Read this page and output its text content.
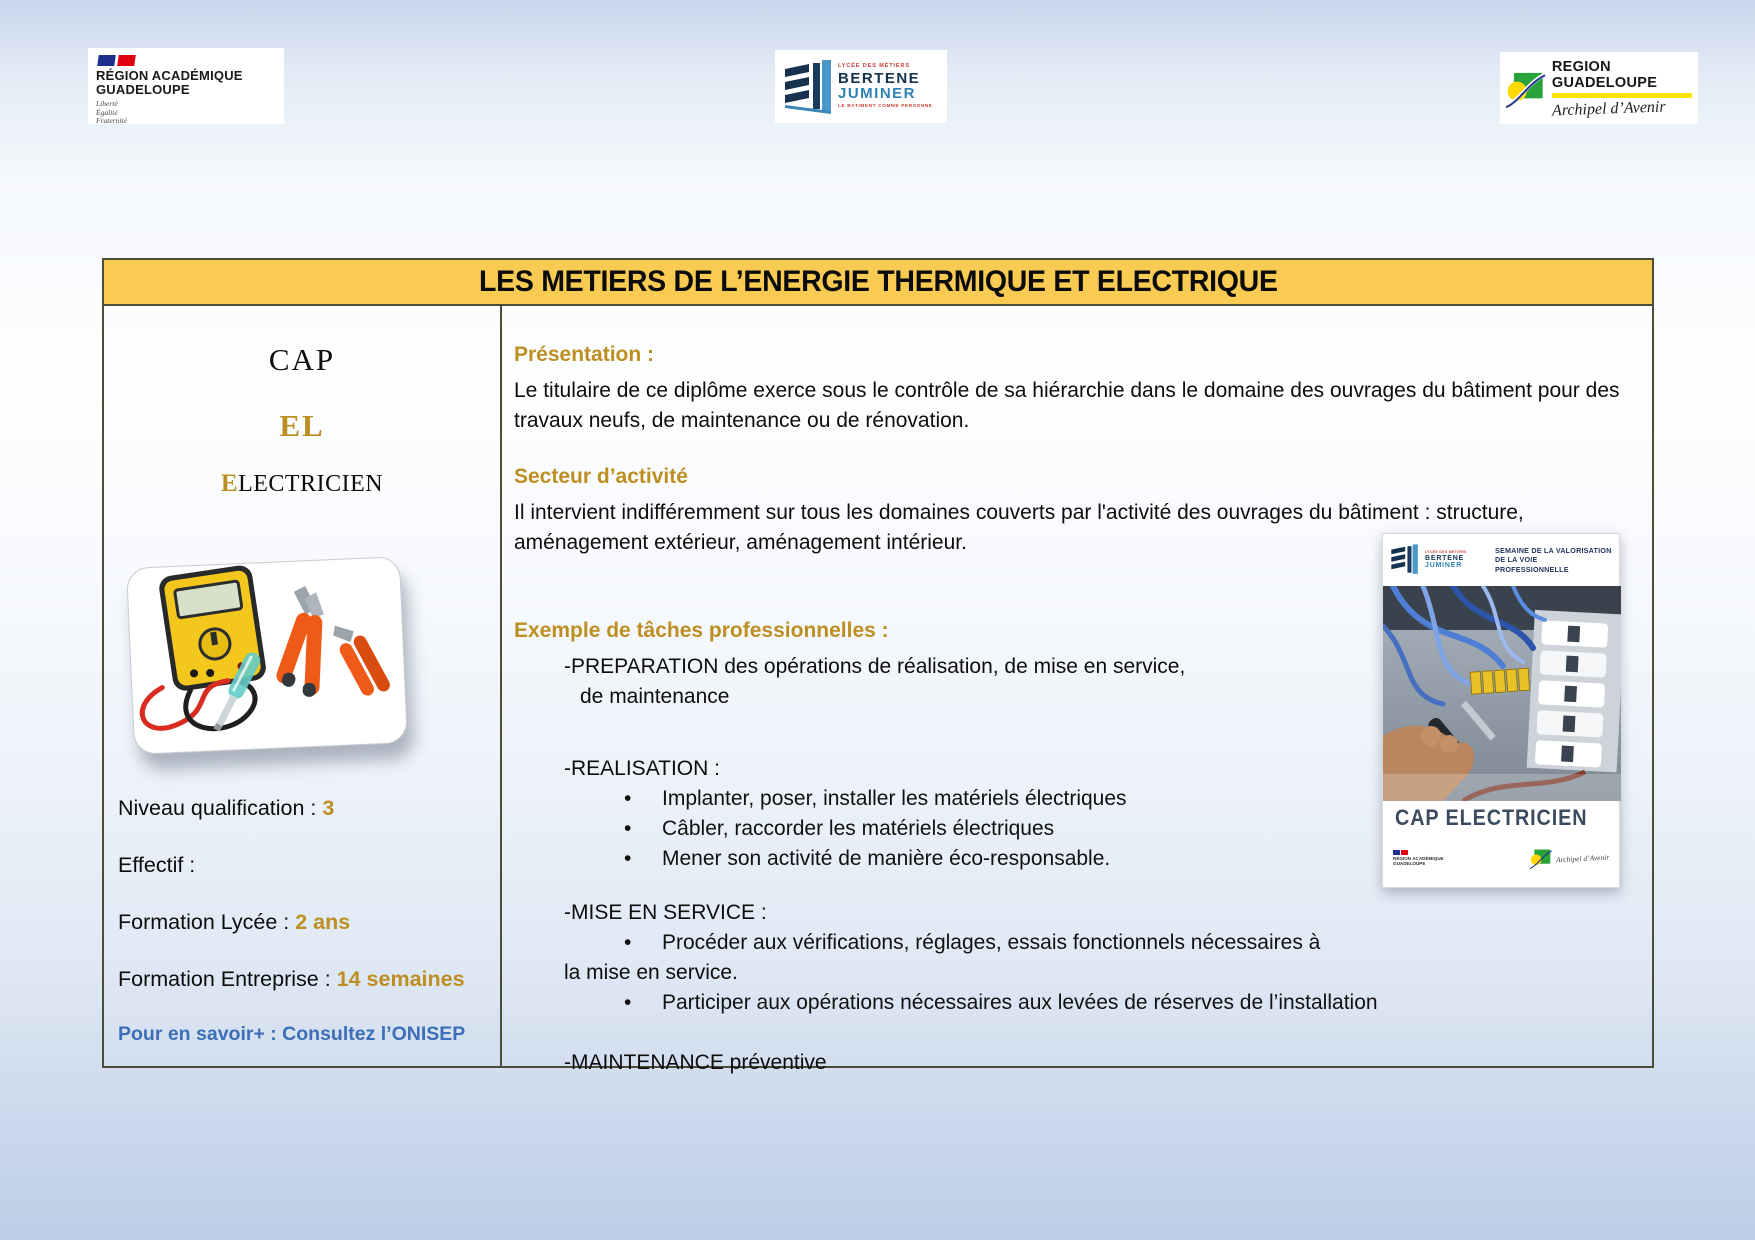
RÉGION ACADÉMIQUE
GUADELOUPE
Liberté
Égalité
Fraternité
LYCÉE DES MÉTIERS
BERTENE
JUMINER
LE BATIMENT COMME PERSONNE
REGION GUADELOUPE
Archipel d’Avenir
LES METIERS DE L’ENERGIE THERMIQUE ET ELECTRIQUE
CAP
EL
ELECTRICIEN
Niveau qualification : 3
Effectif :
Formation Lycée : 2 ans
Formation Entreprise : 14 semaines
Pour en savoir+ : Consultez l’ONISEP
Présentation :
Le titulaire de ce diplôme exerce sous le contrôle de sa hiérarchie dans le domaine des ouvrages du bâtiment pour des travaux neufs, de maintenance ou de rénovation.
Secteur d’activité
Il intervient indifféremment sur tous les domaines couverts par l'activité des ouvrages du bâtiment : structure, aménagement extérieur, aménagement intérieur.
Exemple de tâches professionnelles :
-PREPARATION des opérations de réalisation, de mise en service,
de maintenance
-REALISATION :
•
Implanter, poser, installer les matériels électriques
•
Câbler, raccorder les matériels électriques
•
Mener son activité de manière éco-responsable.
-MISE EN SERVICE :
•
Procéder aux vérifications, réglages, essais fonctionnels nécessaires à
la mise en service.
•
Participer aux opérations nécessaires aux levées de réserves de l’installation
-MAINTENANCE préventive
LYCÉE DES MÉTIERS
BERTENE
JUMINER
SEMAINE DE LA VALORISATION
DE LA VOIE PROFESSIONNELLE
CAP ELECTRICIEN
RÉGION ACADÉMIQUE
GUADELOUPE	Archipel d’Avenir
